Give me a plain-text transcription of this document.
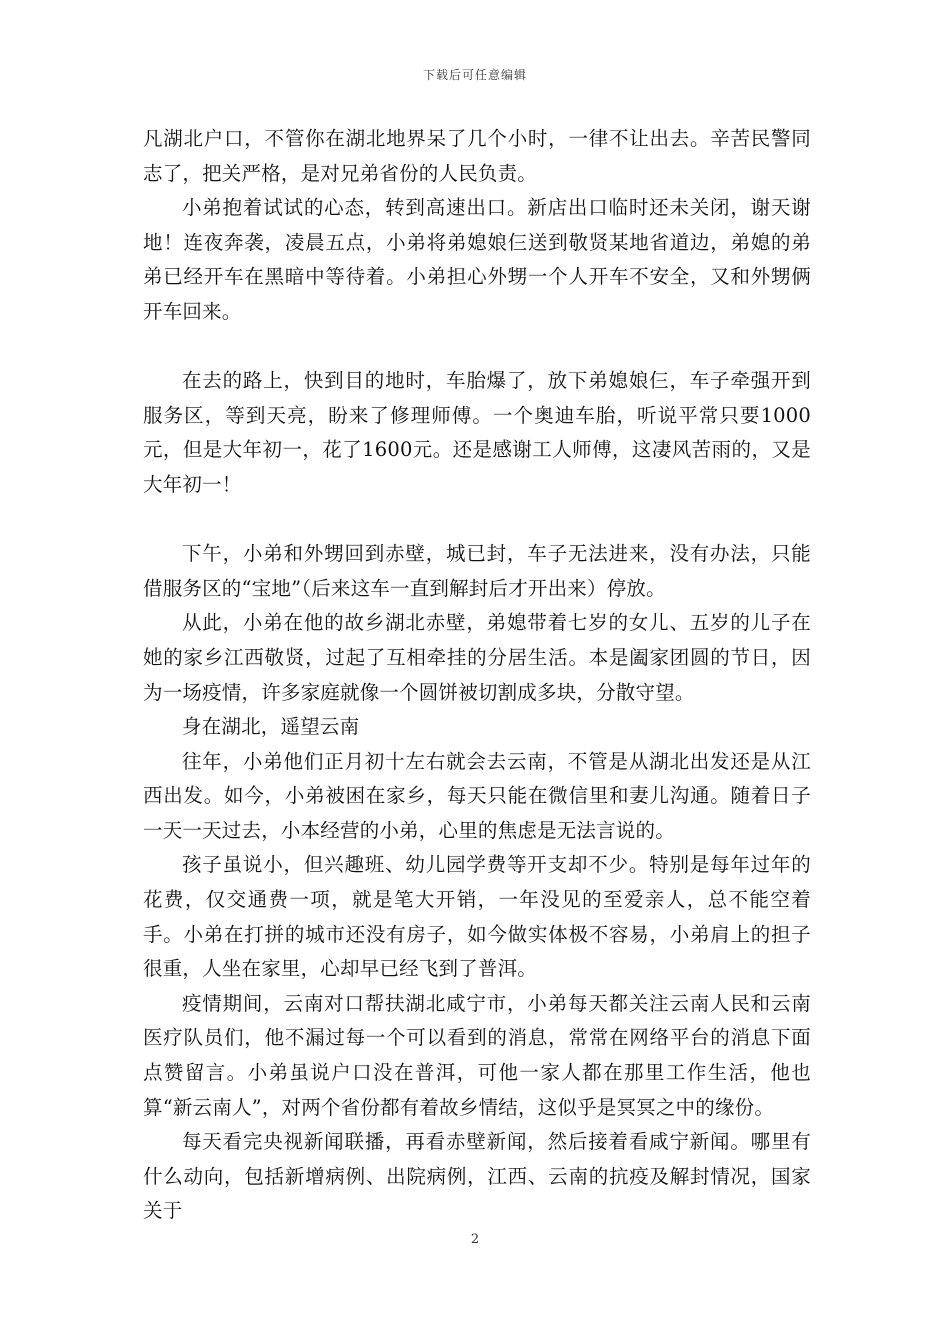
下载后可任意编辑

凡湖北户口，不管你在湖北地界呆了几个小时，一律不让出去。辛苦民警同志了，把关严格，是对兄弟省份的人民负责。

小弟抱着试试的心态，转到高速出口。新店出口临时还未关闭，谢天谢地！连夜奔袭，凌晨五点，小弟将弟媳娘仨送到敬贤某地省道边，弟媳的弟弟已经开车在黑暗中等待着。小弟担心外甥一个人开车不安全，又和外甥俩开车回来。

在去的路上，快到目的地时，车胎爆了，放下弟媳娘仨，车子牵强开到服务区，等到天亮，盼来了修理师傅。一个奥迪车胎，听说平常只要1000元，但是大年初一，花了1600元。还是感谢工人师傅，这凄风苦雨的，又是大年初一！

下午，小弟和外甥回到赤壁，城已封，车子无法进来，没有办法，只能借服务区的“宝地”（后来这车一直到解封后才开出来）停放。

从此，小弟在他的故乡湖北赤壁，弟媳带着七岁的女儿、五岁的儿子在她的家乡江西敬贤，过起了互相牵挂的分居生活。本是阖家团圆的节日，因为一场疫情，许多家庭就像一个圆饼被切割成多块，分散守望。

身在湖北，遥望云南

往年，小弟他们正月初十左右就会去云南，不管是从湖北出发还是从江西出发。如今，小弟被困在家乡，每天只能在微信里和妻儿沟通。随着日子一天一天过去，小本经营的小弟，心里的焦虑是无法言说的。

孩子虽说小，但兴趣班、幼儿园学费等开支却不少。特别是每年过年的花费，仅交通费一项，就是笔大开销，一年没见的至爱亲人，总不能空着手。小弟在打拼的城市还没有房子，如今做实体极不容易，小弟肩上的担子很重，人坐在家里，心却早已经飞到了普洱。

疫情期间，云南对口帮扶湖北咸宁市，小弟每天都关注云南人民和云南医疗队员们，他不漏过每一个可以看到的消息，常常在网络平台的消息下面点赞留言。小弟虽说户口没在普洱，可他一家人都在那里工作生活，他也算“新云南人”，对两个省份都有着故乡情结，这似乎是冥冥之中的缘份。

每天看完央视新闻联播，再看赤壁新闻，然后接着看咸宁新闻。哪里有什么动向，包括新增病例、出院病例，江西、云南的抗疫及解封情况，国家关于

2
